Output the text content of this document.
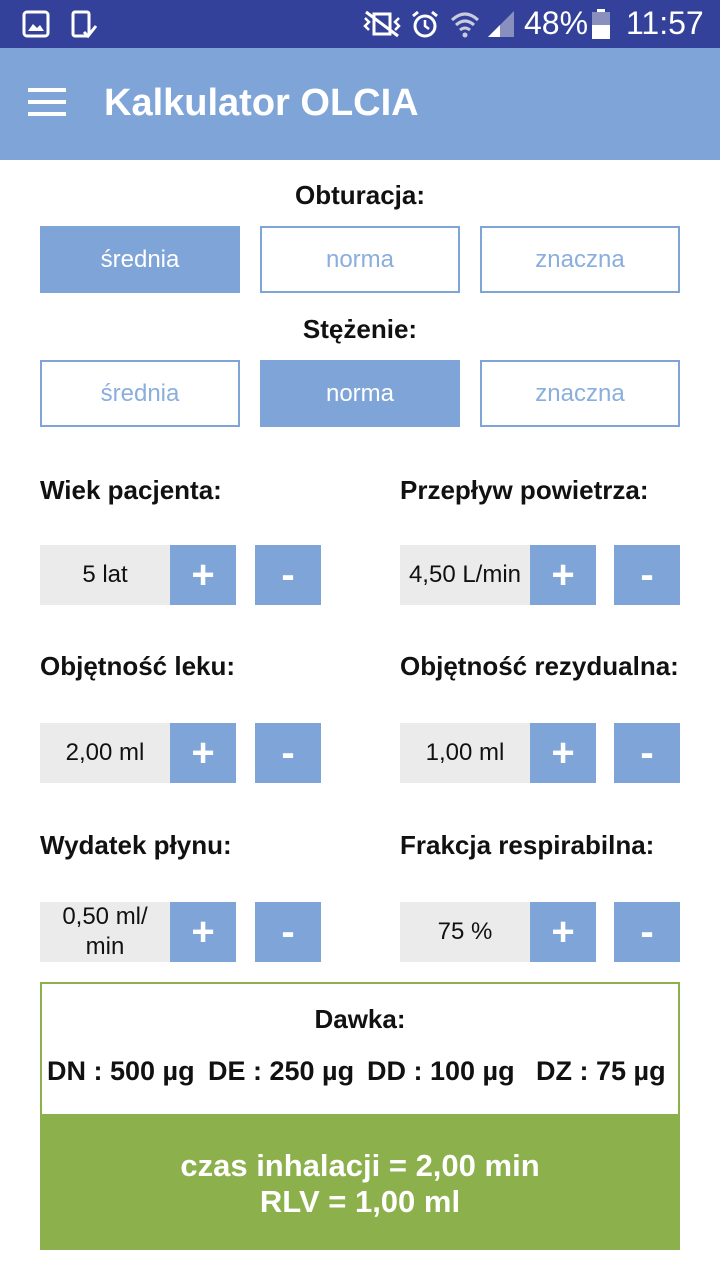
48% 11:57
Kalkulator OLCIA
Obturacja:
średnia	norma	znaczna
Stężenie:
średnia	norma	znaczna
Wiek pacjenta:	Przepływ powietrza:
5 lat	+	-	4,50 L/min +	-
Objętność leku:	Objętność rezydualna:
2,00 ml	+	-	1,00 ml	+	-
Wydatek płynu:	Frakcja respirabilna:
0,50 ml/
min	+	-	75 %	+	-
Dawka:
DN : 500 µg DE : 250 µg DD : 100 µg DZ : 75 µg
czas inhalacji = 2,00 min
RLV = 1,00 ml
